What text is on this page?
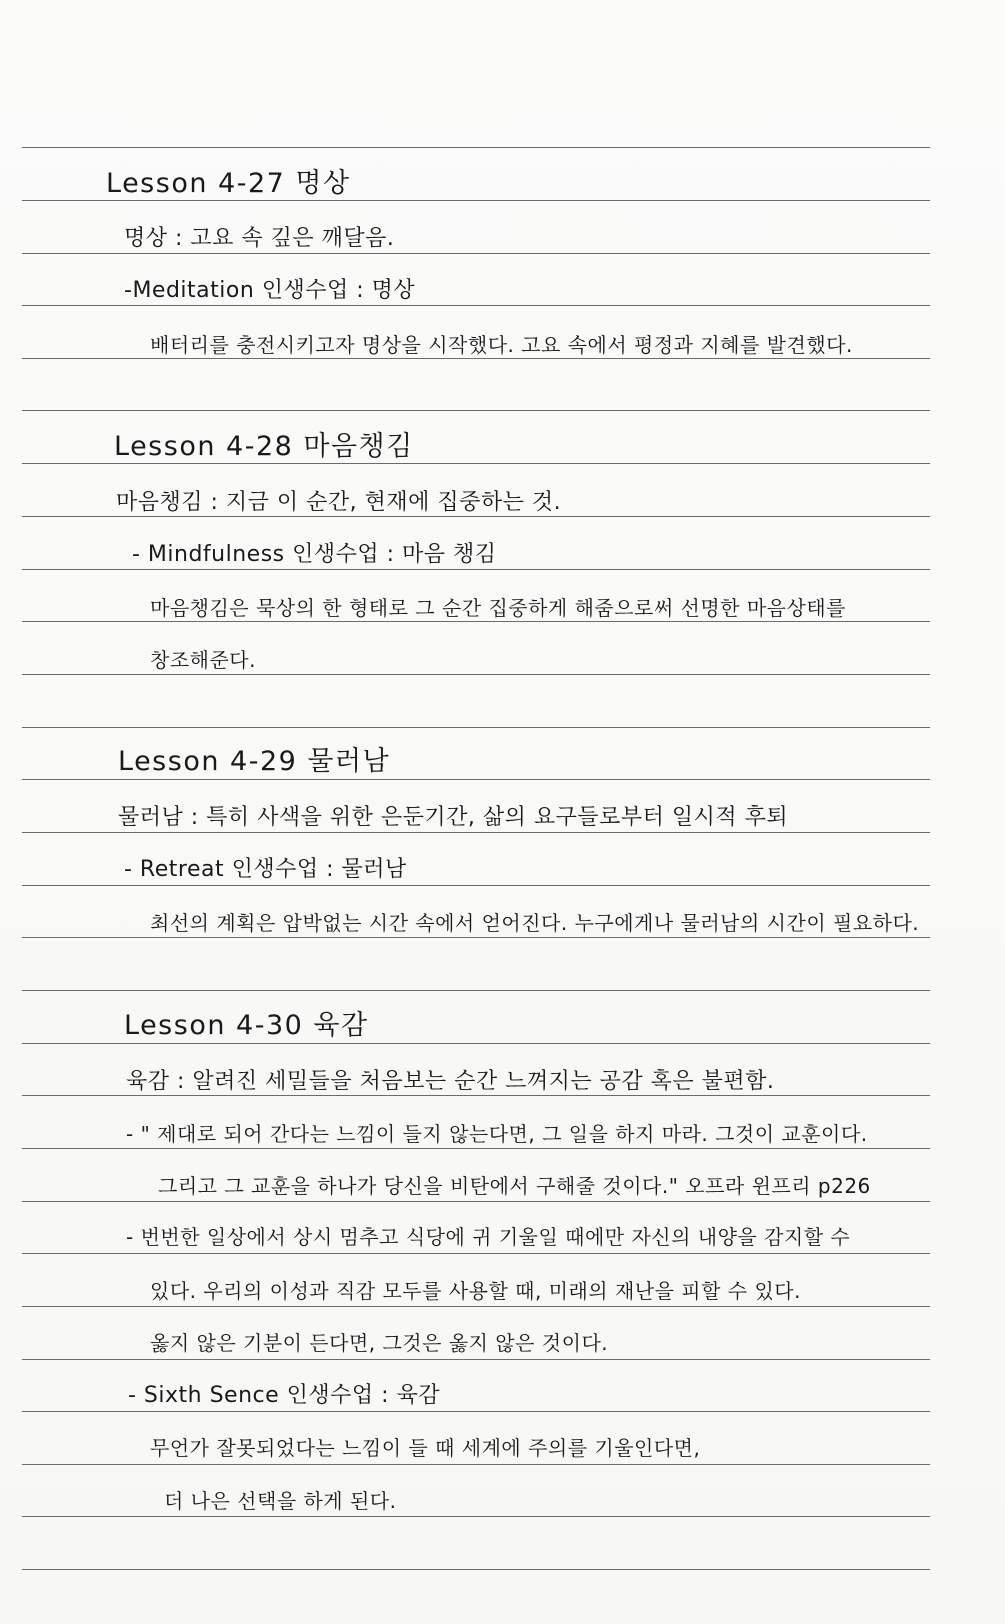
Lesson 4-27 명상
명상 : 고요 속 깊은 깨달음.
-Meditation 인생수업 : 명상
배터리를 충전시키고자 명상을 시작했다. 고요 속에서 평정과 지혜를 발견했다.
Lesson 4-28 마음챙김
마음챙김 : 지금 이 순간, 현재에 집중하는 것.
- Mindfulness 인생수업 : 마음 챙김
마음챙김은 묵상의 한 형태로 그 순간 집중하게 해줌으로써 선명한 마음상태를
창조해준다.
Lesson 4-29 물러남
물러남 : 특히 사색을 위한 은둔기간, 삶의 요구들로부터 일시적 후퇴
- Retreat 인생수업 : 물러남
최선의 계획은 압박없는 시간 속에서 얻어진다. 누구에게나 물러남의 시간이 필요하다.
Lesson 4-30 육감
육감 : 알려진 세밀들을 처음보는 순간 느껴지는 공감 혹은 불편함.
- " 제대로 되어 간다는 느낌이 들지 않는다면, 그 일을 하지 마라. 그것이 교훈이다.
그리고 그 교훈을 하나가 당신을 비탄에서 구해줄 것이다." 오프라 윈프리 p226
- 번번한 일상에서 상시 멈추고 식당에 귀 기울일 때에만 자신의 내양을 감지할 수
있다. 우리의 이성과 직감 모두를 사용할 때, 미래의 재난을 피할 수 있다.
옳지 않은 기분이 든다면, 그것은 옳지 않은 것이다.
- Sixth Sence 인생수업 : 육감
무언가 잘못되었다는 느낌이 들 때 세계에 주의를 기울인다면,
더 나은 선택을 하게 된다.
